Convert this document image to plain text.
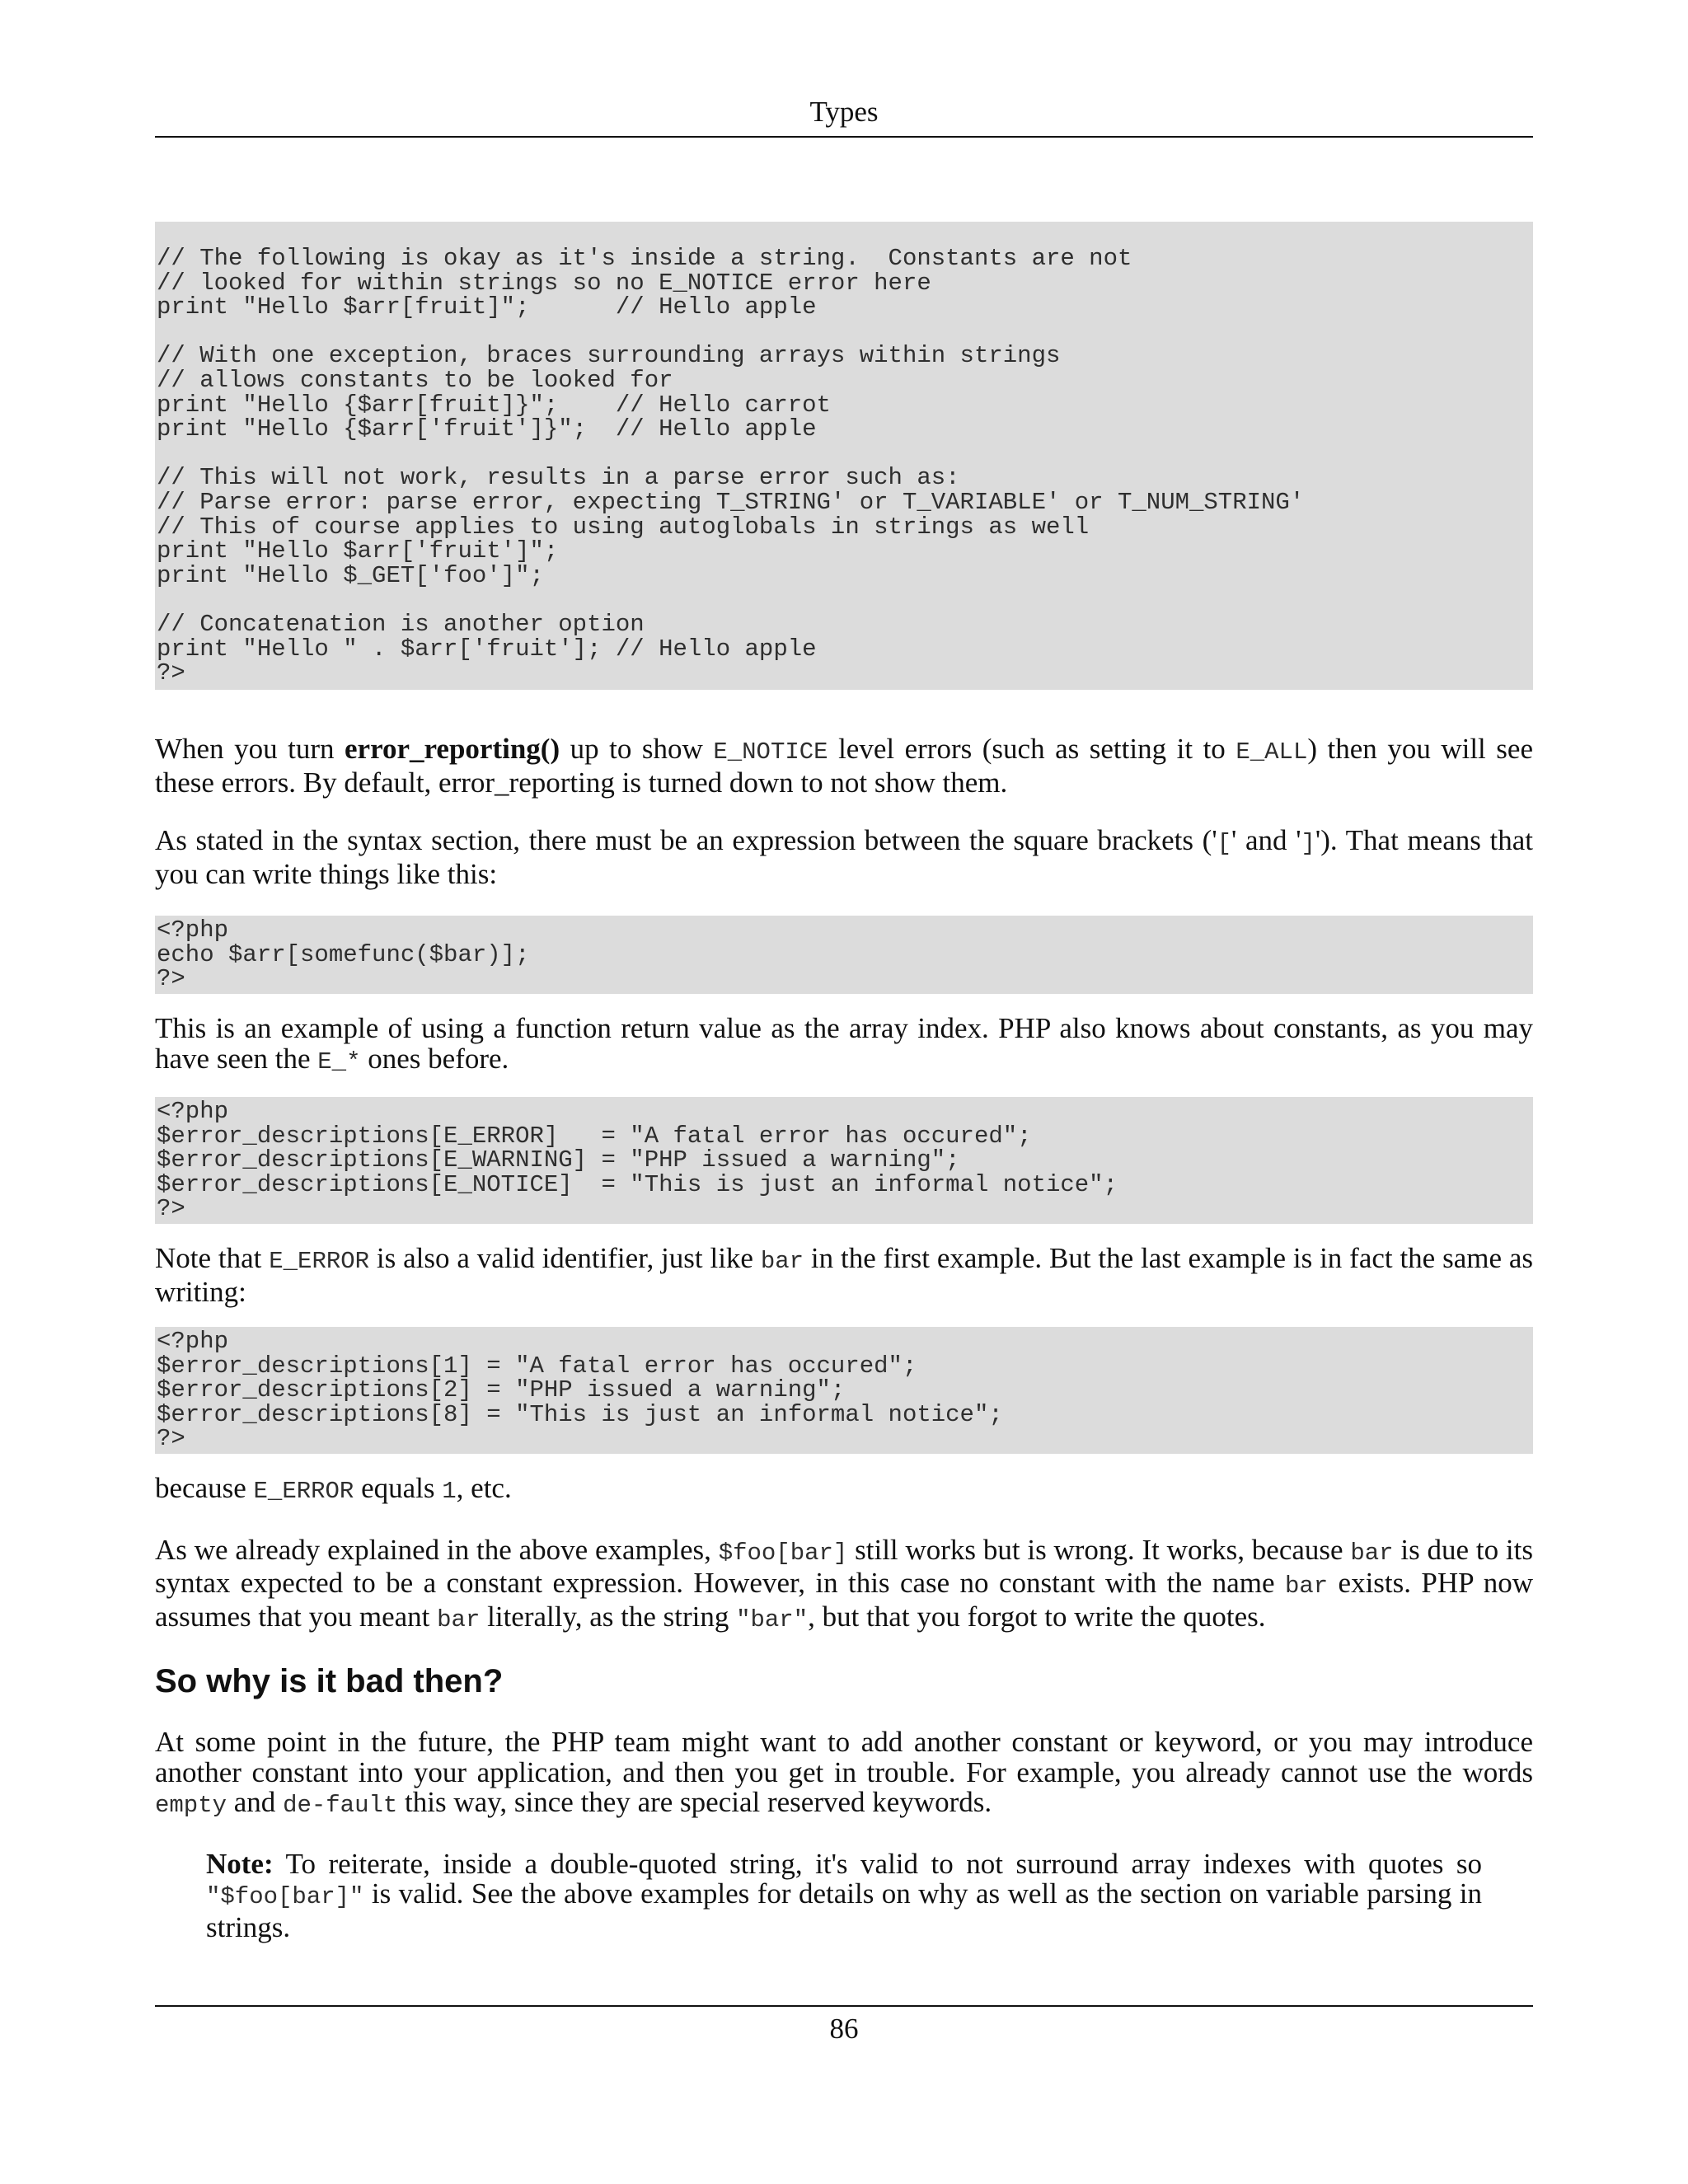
Types
// The following is okay as it's inside a string.  Constants are not
// looked for within strings so no E_NOTICE error here
print "Hello $arr[fruit]";      // Hello apple

// With one exception, braces surrounding arrays within strings
// allows constants to be looked for
print "Hello {$arr[fruit]}";    // Hello carrot
print "Hello {$arr['fruit']}";  // Hello apple

// This will not work, results in a parse error such as:
// Parse error: parse error, expecting T_STRING' or T_VARIABLE' or T_NUM_STRING'
// This of course applies to using autoglobals in strings as well
print "Hello $arr['fruit']";
print "Hello $_GET['foo']";

// Concatenation is another option
print "Hello " . $arr['fruit']; // Hello apple
?>

When you turn error_reporting() up to show E_NOTICE level errors (such as setting it to E_ALL) then you will see these errors. By default, error_reporting is turned down to not show them.

As stated in the syntax section, there must be an expression between the square brackets ('[' and ']'). That means that you can write things like this:

<?php
echo $arr[somefunc($bar)];
?>

This is an example of using a function return value as the array index. PHP also knows about constants, as you may have seen the E_* ones before.

<?php
$error_descriptions[E_ERROR]   = "A fatal error has occured";
$error_descriptions[E_WARNING] = "PHP issued a warning";
$error_descriptions[E_NOTICE]  = "This is just an informal notice";
?>

Note that E_ERROR is also a valid identifier, just like bar in the first example. But the last example is in fact the same as writing:

<?php
$error_descriptions[1] = "A fatal error has occured";
$error_descriptions[2] = "PHP issued a warning";
$error_descriptions[8] = "This is just an informal notice";
?>

because E_ERROR equals 1, etc.

As we already explained in the above examples, $foo[bar] still works but is wrong. It works, because bar is due to its syntax expected to be a constant expression. However, in this case no constant with the name bar exists. PHP now assumes that you meant bar literally, as the string "bar", but that you forgot to write the quotes.

So why is it bad then?

At some point in the future, the PHP team might want to add another constant or keyword, or you may introduce another constant into your application, and then you get in trouble. For example, you already cannot use the words empty and de-fault this way, since they are special reserved keywords.

Note: To reiterate, inside a double-quoted string, it's valid to not surround array indexes with quotes so "$foo[bar]" is valid. See the above examples for details on why as well as the section on variable parsing in strings.

86
